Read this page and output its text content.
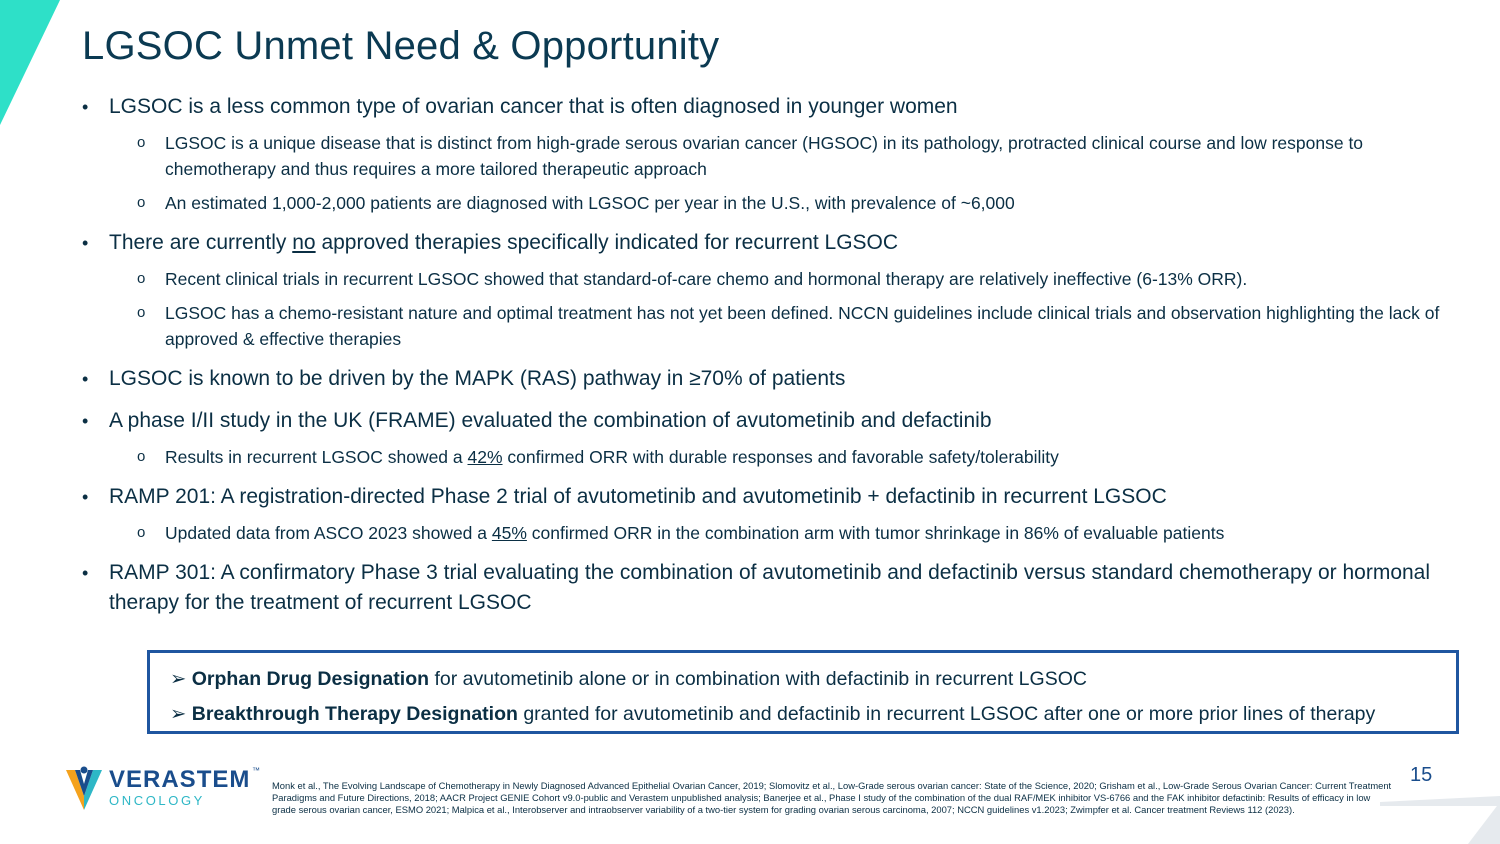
LGSOC Unmet Need & Opportunity
• LGSOC is a less common type of ovarian cancer that is often diagnosed in younger women
o LGSOC is a unique disease that is distinct from high-grade serous ovarian cancer (HGSOC) in its pathology, protracted clinical course and low response to chemotherapy and thus requires a more tailored therapeutic approach
o An estimated 1,000-2,000 patients are diagnosed with LGSOC per year in the U.S., with prevalence of ~6,000
• There are currently no approved therapies specifically indicated for recurrent LGSOC
o Recent clinical trials in recurrent LGSOC showed that standard-of-care chemo and hormonal therapy are relatively ineffective (6-13% ORR).
o LGSOC has a chemo-resistant nature and optimal treatment has not yet been defined. NCCN guidelines include clinical trials and observation highlighting the lack of approved & effective therapies
• LGSOC is known to be driven by the MAPK (RAS) pathway in ≥70% of patients
• A phase I/II study in the UK (FRAME) evaluated the combination of avutometinib and defactinib
o Results in recurrent LGSOC showed a 42% confirmed ORR with durable responses and favorable safety/tolerability
• RAMP 201: A registration-directed Phase 2 trial of avutometinib and avutometinib + defactinib in recurrent LGSOC
o Updated data from ASCO 2023 showed a 45% confirmed ORR in the combination arm with tumor shrinkage in 86% of evaluable patients
• RAMP 301: A confirmatory Phase 3 trial evaluating the combination of avutometinib and defactinib versus standard chemotherapy or hormonal therapy for the treatment of recurrent LGSOC
➢ Orphan Drug Designation for avutometinib alone or in combination with defactinib in recurrent LGSOC
➢ Breakthrough Therapy Designation granted for avutometinib and defactinib in recurrent LGSOC after one or more prior lines of therapy
VERASTEM ™
ONCOLOGY
Monk et al., The Evolving Landscape of Chemotherapy in Newly Diagnosed Advanced Epithelial Ovarian Cancer, 2019; Slomovitz et al., Low-Grade serous ovarian cancer: State of the Science, 2020; Grisham et al., Low-Grade Serous Ovarian Cancer: Current Treatment Paradigms and Future Directions, 2018; AACR Project GENIE Cohort v9.0-public and Verastem unpublished analysis; Banerjee et al., Phase I study of the combination of the dual RAF/MEK inhibitor VS-6766 and the FAK inhibitor defactinib: Results of efficacy in low grade serous ovarian cancer, ESMO 2021; Malpica et al., Interobserver and intraobserver variability of a two-tier system for grading ovarian serous carcinoma, 2007; NCCN guidelines v1.2023; Zwimpfer et al. Cancer treatment Reviews 112 (2023).
15
